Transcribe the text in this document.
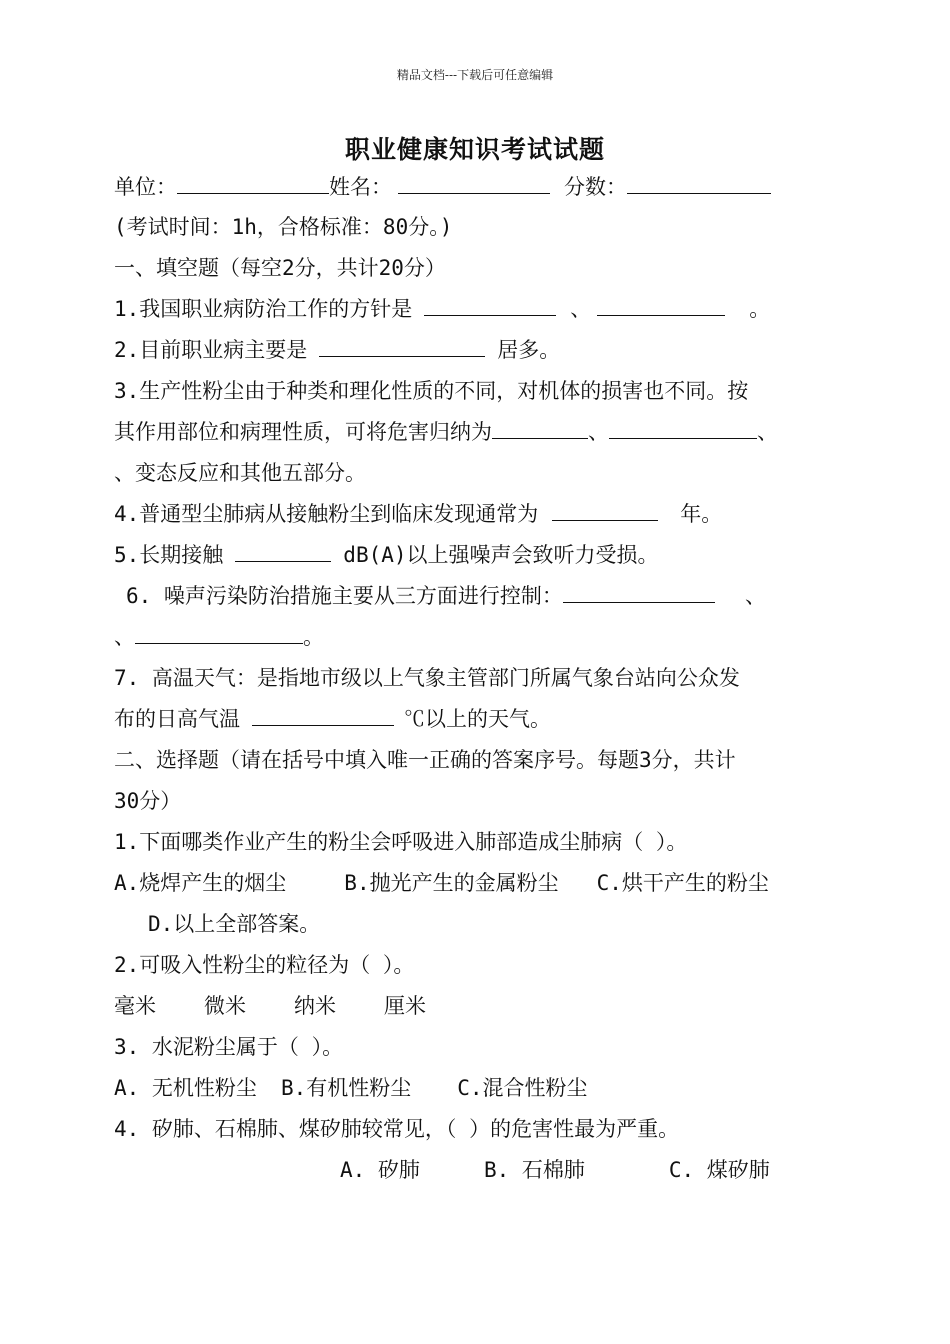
精品文档---下载后可任意编辑
职业健康知识考试试题
单位：	姓名：	分数：
(考试时间：1h，合格标准：80分。)
一、填空题（每空2分，共计20分）
1.我国职业病防治工作的方针是	、	。
2.目前职业病主要是	居多。
3.生产性粉尘由于种类和理化性质的不同，对机体的损害也不同。按
其作用部位和病理性质，可将危害归纳为	、	、
、变态反应和其他五部分。
4.普通型尘肺病从接触粉尘到临床发现通常为	年。
5.长期接触	dB(A)以上强噪声会致听力受损。
6. 噪声污染防治措施主要从三方面进行控制：	、
、	。
7. 高温天气：是指地市级以上气象主管部门所属气象台站向公众发
布的日高气温	℃以上的天气。
二、选择题（请在括号中填入唯一正确的答案序号。每题3分，共计
30分）
1.下面哪类作业产生的粉尘会呼吸进入肺部造成尘肺病（ ）。
A.烧焊产生的烟尘	B.抛光产生的金属粉尘 C.烘干产生的粉尘
D.以上全部答案。
2.可吸入性粉尘的粒径为（ ）。
毫米 微米 纳米 厘米
3. 水泥粉尘属于（ ）。
A. 无机性粉尘 B.有机性粉尘 C.混合性粉尘
4. 矽肺、石棉肺、煤矽肺较常见，（ ）的危害性最为严重。
A. 矽肺	B. 石棉肺	C. 煤矽肺
